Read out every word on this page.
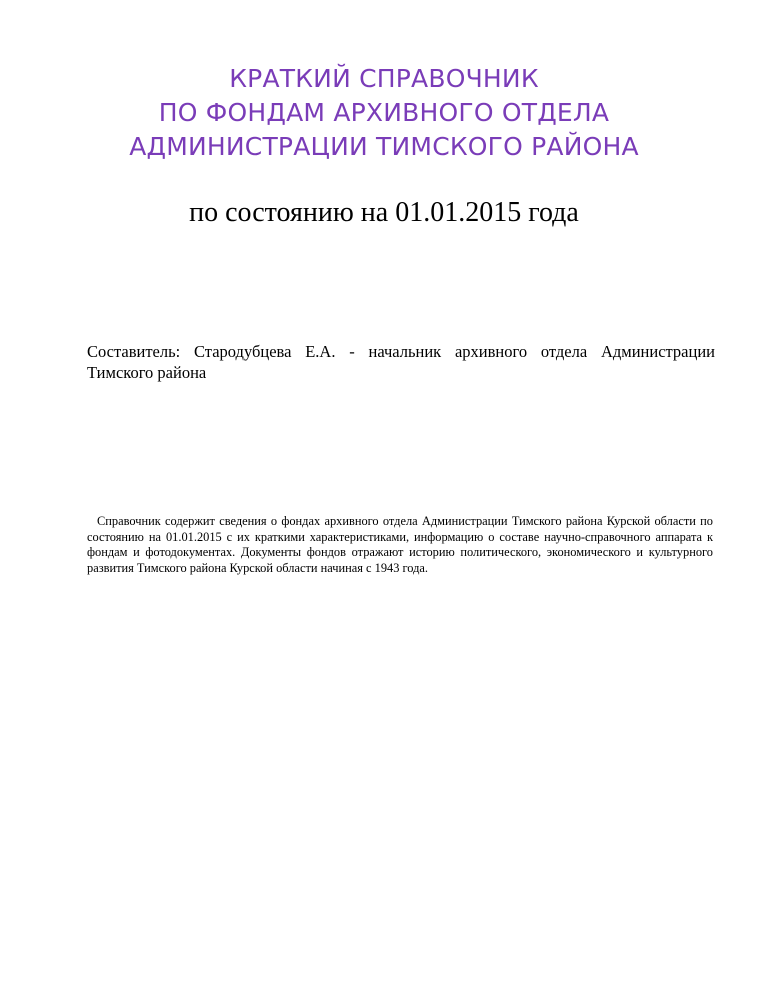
КРАТКИЙ СПРАВОЧНИК
ПО ФОНДАМ АРХИВНОГО ОТДЕЛА
АДМИНИСТРАЦИИ ТИМСКОГО РАЙОНА
по состоянию на 01.01.2015 года
Составитель: Стародубцева Е.А. - начальник архивного отдела Администрации Тимского района
Справочник содержит сведения о фондах архивного отдела Администрации Тимского района Курской области по состоянию на 01.01.2015 с их краткими характеристиками, информацию о составе научно-справочного аппарата к фондам и фотодокументах. Документы фондов отражают историю политического, экономического и культурного развития Тимского района Курской области начиная с 1943 года.
